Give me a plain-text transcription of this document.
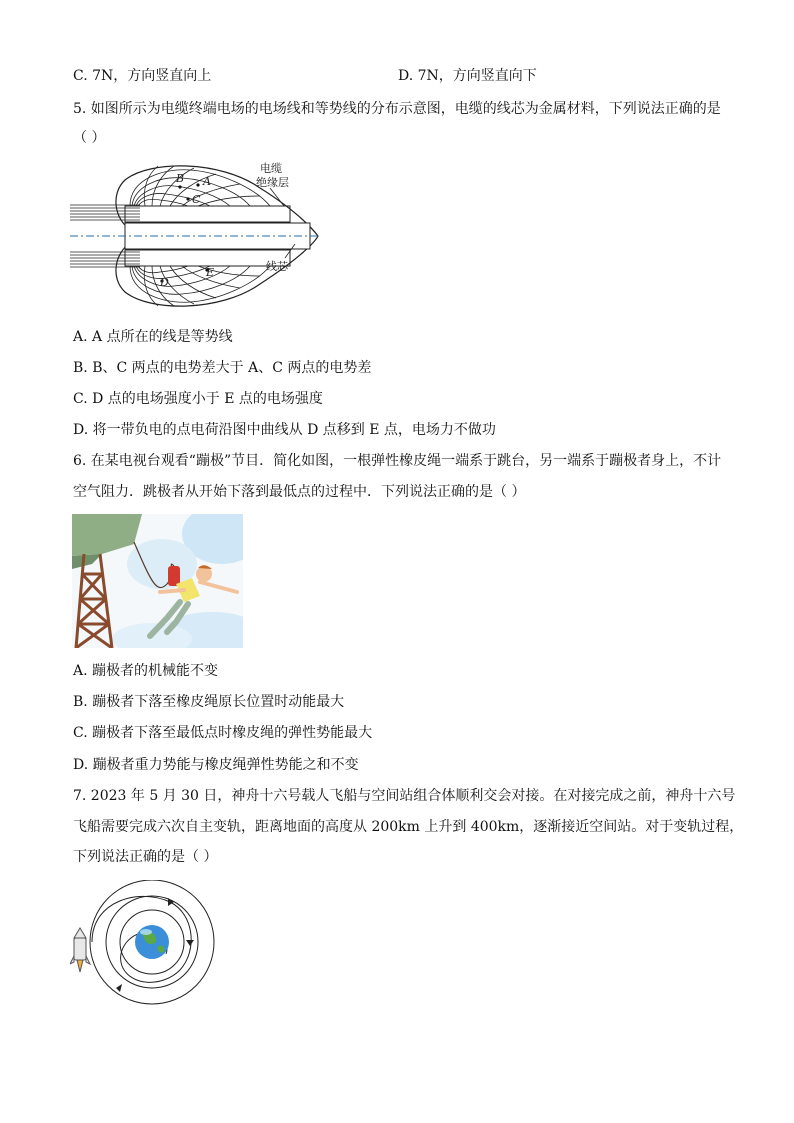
C. 7N，方向竖直向上	D. 7N，方向竖直向下
5. 如图所示为电缆终端电场的电场线和等势线的分布示意图，电缆的线芯为金属材料，下列说法正确的是
（ ）
A
B
C
D
E
电缆
绝缘层
线芯
A. A 点所在的线是等势线
B. B、C 两点的电势差大于 A、C 两点的电势差
C. D 点的电场强度小于 E 点的电场强度
D. 将一带负电的点电荷沿图中曲线从 D 点移到 E 点，电场力不做功
6. 在某电视台观看“蹦极”节目．简化如图，一根弹性橡皮绳一端系于跳台，另一端系于蹦极者身上，不计
空气阻力．跳极者从开始下落到最低点的过程中．下列说法正确的是（ ）
A. 蹦极者的机械能不变
B. 蹦极者下落至橡皮绳原长位置时动能最大
C. 蹦极者下落至最低点时橡皮绳的弹性势能最大
D. 蹦极者重力势能与橡皮绳弹性势能之和不变
7. 2023 年 5 月 30 日，神舟十六号载人飞船与空间站组合体顺利交会对接。在对接完成之前，神舟十六号
飞船需要完成六次自主变轨，距离地面的高度从 200km 上升到 400km，逐渐接近空间站。对于变轨过程，
下列说法正确的是（ ）
